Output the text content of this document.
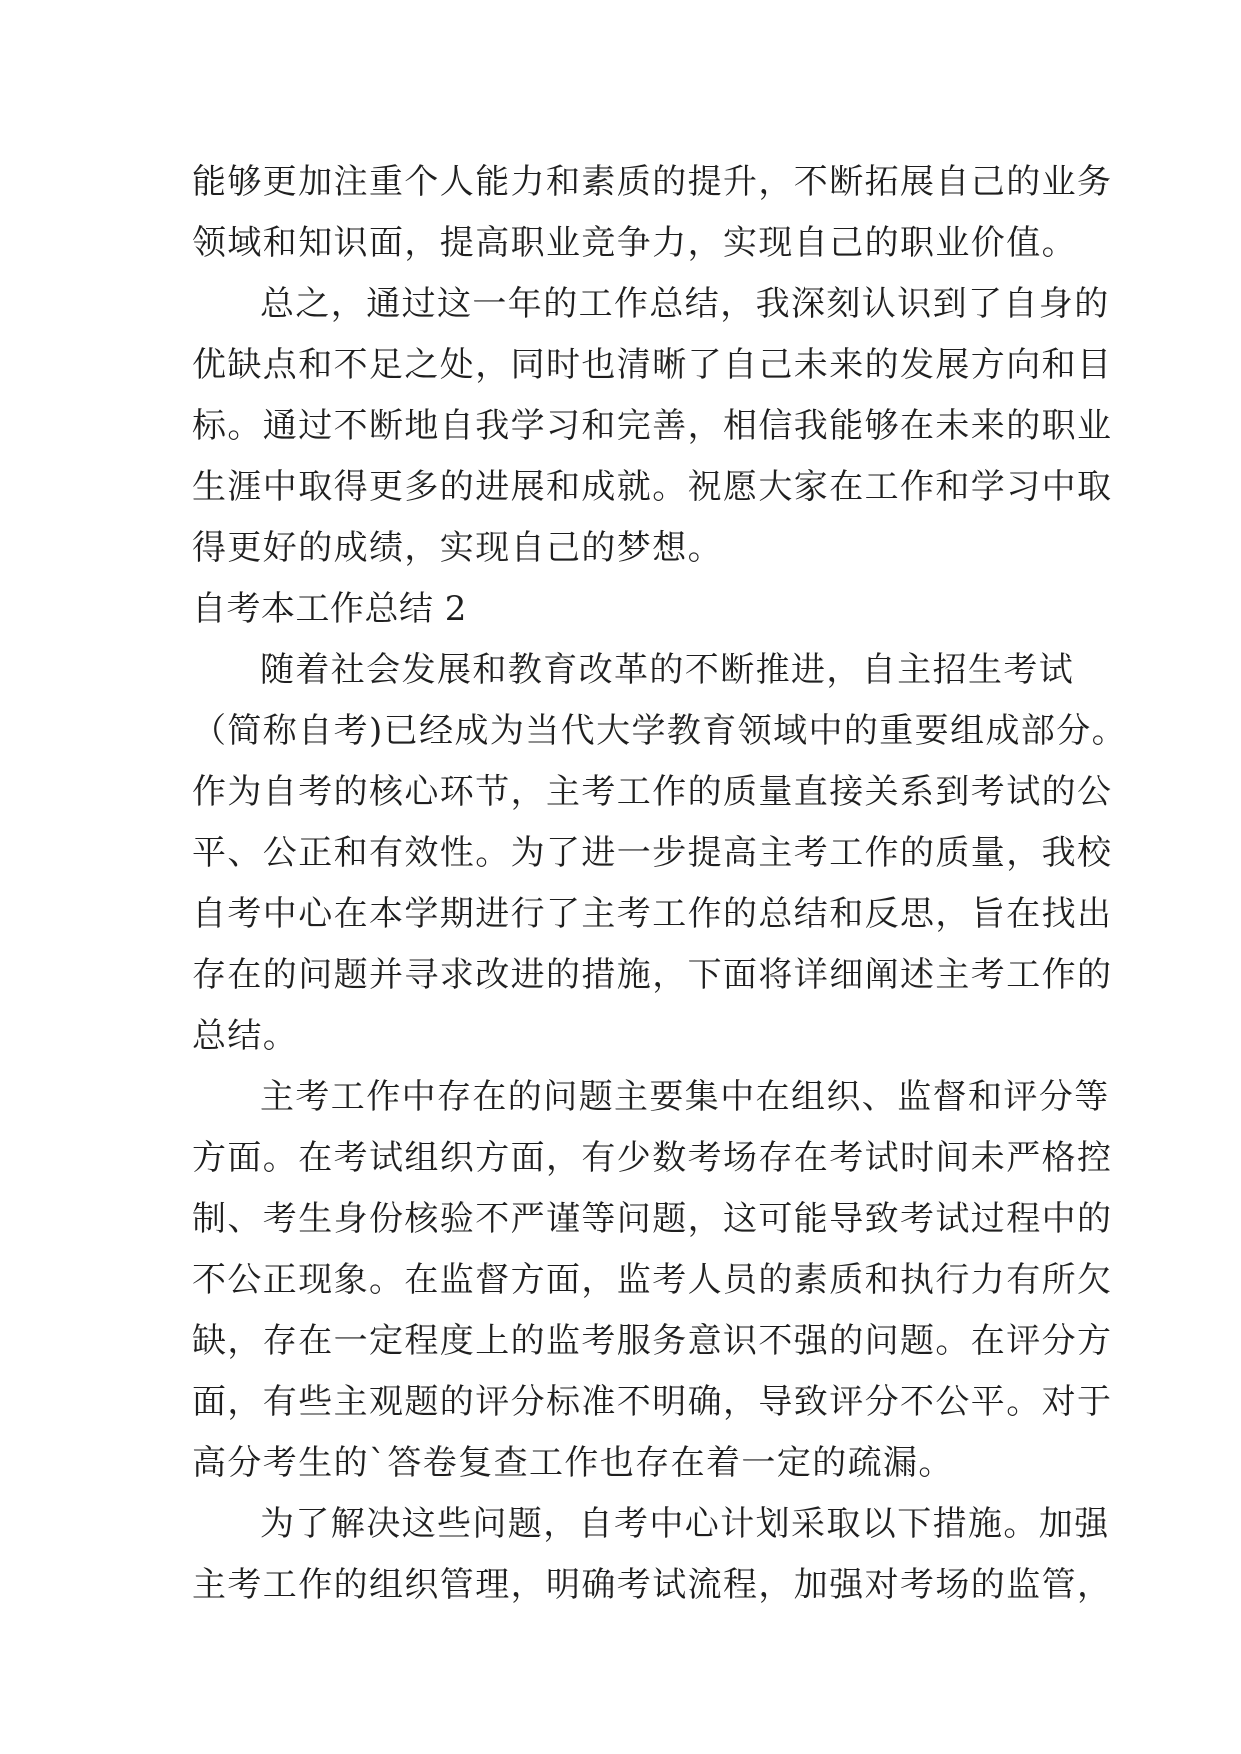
能够更加注重个人能力和素质的提升，不断拓展自己的业务
领域和知识面，提高职业竞争力，实现自己的职业价值。
总之，通过这一年的工作总结，我深刻认识到了自身的
优缺点和不足之处，同时也清晰了自己未来的发展方向和目
标。通过不断地自我学习和完善，相信我能够在未来的职业
生涯中取得更多的进展和成就。祝愿大家在工作和学习中取
得更好的成绩，实现自己的梦想。
自考本工作总结 2
随着社会发展和教育改革的不断推进，自主招生考试
（简称自考)已经成为当代大学教育领域中的重要组成部分。
作为自考的核心环节，主考工作的质量直接关系到考试的公
平、公正和有效性。为了进一步提高主考工作的质量，我校
自考中心在本学期进行了主考工作的总结和反思，旨在找出
存在的问题并寻求改进的措施，下面将详细阐述主考工作的
总结。
主考工作中存在的问题主要集中在组织、监督和评分等
方面。在考试组织方面，有少数考场存在考试时间未严格控
制、考生身份核验不严谨等问题，这可能导致考试过程中的
不公正现象。在监督方面，监考人员的素质和执行力有所欠
缺，存在一定程度上的监考服务意识不强的问题。在评分方
面，有些主观题的评分标准不明确，导致评分不公平。对于
高分考生的`答卷复查工作也存在着一定的疏漏。
为了解决这些问题，自考中心计划采取以下措施。加强
主考工作的组织管理，明确考试流程，加强对考场的监管，
